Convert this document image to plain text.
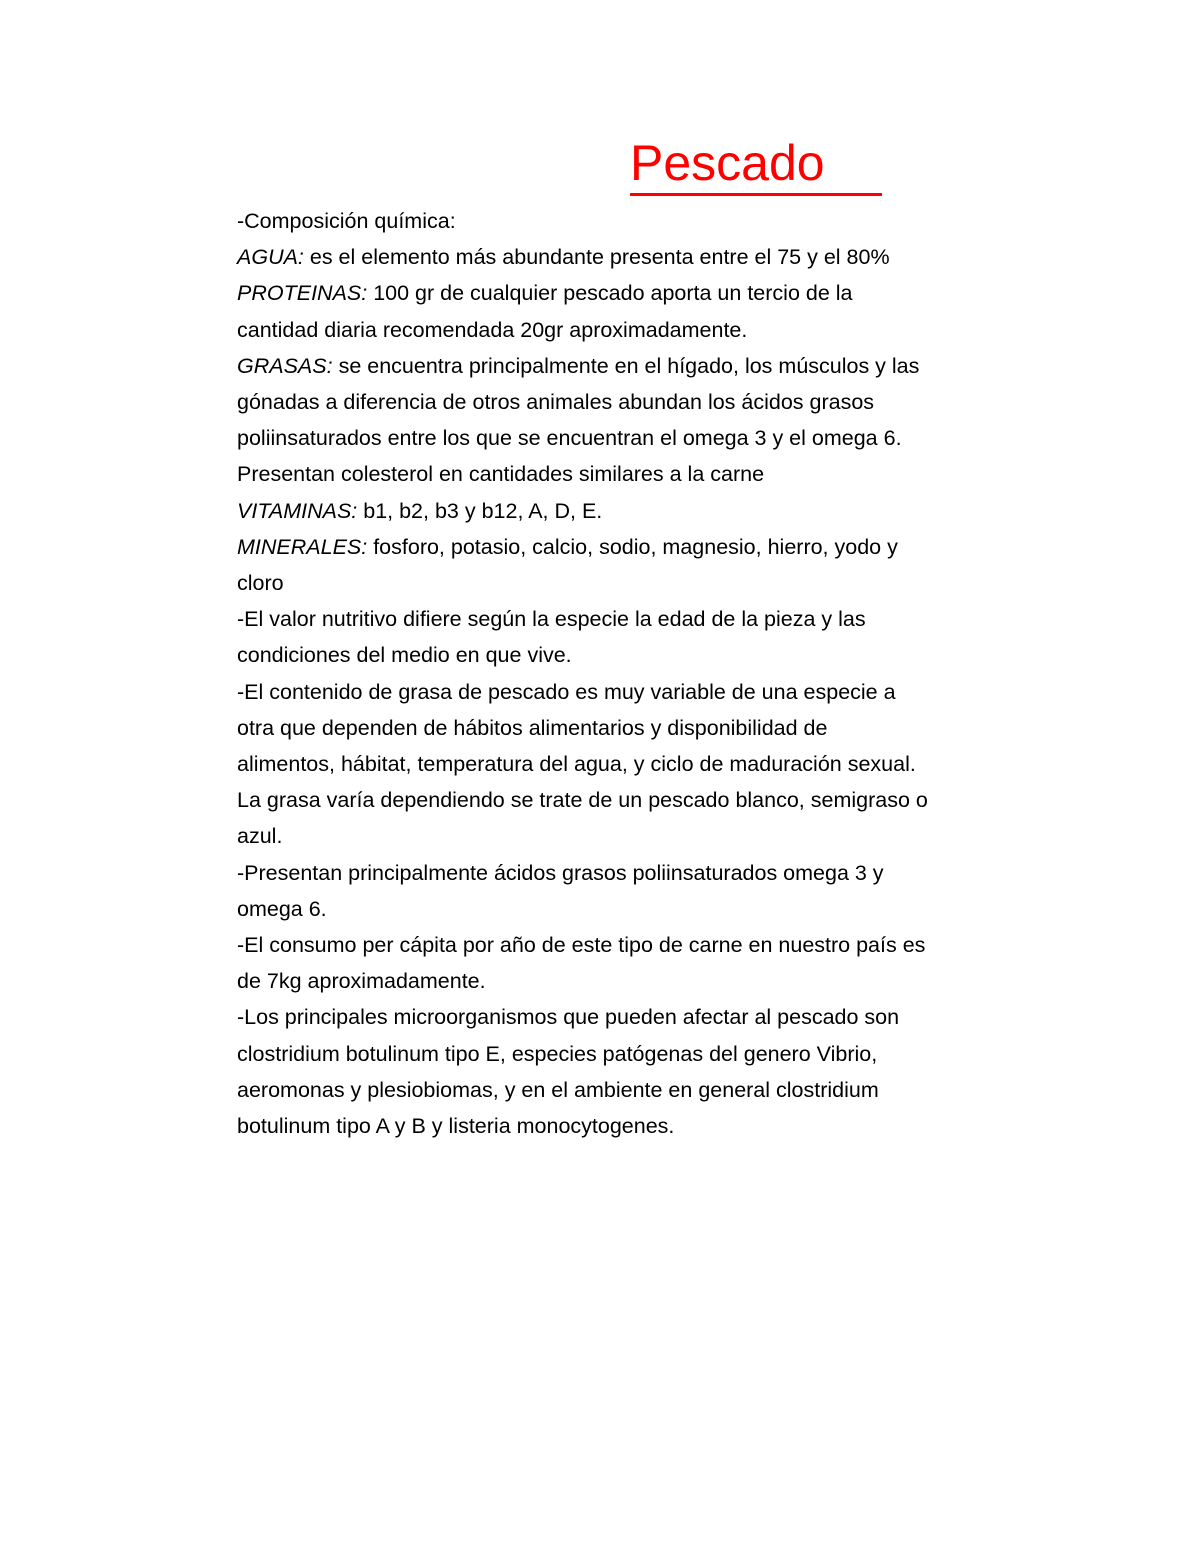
Pescado
-Composición química:
AGUA: es el elemento más abundante presenta entre el 75 y el 80%
PROTEINAS: 100 gr de cualquier pescado aporta un tercio de la
cantidad diaria recomendada 20gr aproximadamente.
GRASAS: se encuentra principalmente en el hígado, los músculos y las
gónadas a diferencia de otros animales abundan los ácidos grasos
poliinsaturados entre los que se encuentran el omega 3 y el omega 6.
Presentan colesterol en cantidades similares a la carne
VITAMINAS: b1, b2, b3 y b12, A, D, E.
MINERALES: fosforo, potasio, calcio, sodio, magnesio, hierro, yodo y
cloro
-El valor nutritivo difiere según la especie la edad de la pieza y las
condiciones del medio en que vive.
-El contenido de grasa de pescado es muy variable de una especie a
otra que dependen de hábitos alimentarios y disponibilidad de
alimentos, hábitat, temperatura del agua, y ciclo de maduración sexual.
La grasa varía dependiendo se trate de un pescado blanco, semigraso o
azul.
-Presentan principalmente ácidos grasos poliinsaturados omega 3 y
omega 6.
-El consumo per cápita por año de este tipo de carne en nuestro país es
de 7kg aproximadamente.
-Los principales microorganismos que pueden afectar al pescado son
clostridium botulinum tipo E, especies patógenas del genero Vibrio,
aeromonas y plesiobiomas, y en el ambiente en general clostridium
botulinum tipo A y B y listeria monocytogenes.
